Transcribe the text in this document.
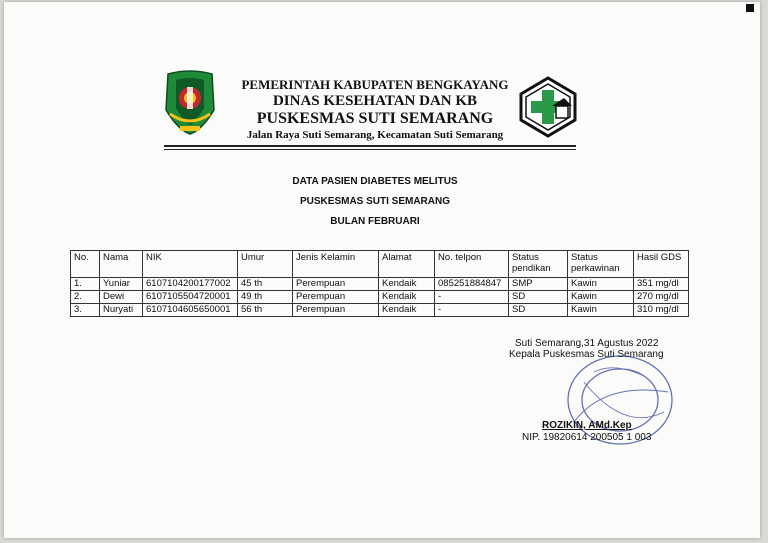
PEMERINTAH KABUPATEN BENGKAYANG
DINAS KESEHATAN DAN KB
PUSKESMAS SUTI SEMARANG
Jalan Raya Suti Semarang, Kecamatan Suti Semarang
DATA PASIEN DIABETES MELITUS
PUSKESMAS SUTI SEMARANG
BULAN FEBRUARI
No.	Nama	NIK	Umur	Jenis Kelamin	Alamat	No. telpon	Status pendikan	Status perkawinan	Hasil GDS
1.	Yuniar	6107104200177002	45 th	Perempuan	Kendaik	085251884847	SMP	Kawin	351 mg/dl
2.	Dewi	6107105504720001	49 th	Perempuan	Kendaik	-	SD	Kawin	270 mg/dl
3.	Nuryati	6107104605650001	56 th	Perempuan	Kendaik	-	SD	Kawin	310 mg/dl
Suti Semarang,31 Agustus 2022
Kepala Puskesmas Suti Semarang
ROZIKIN, AMd.Kep
NIP. 19820614 200505 1 003
